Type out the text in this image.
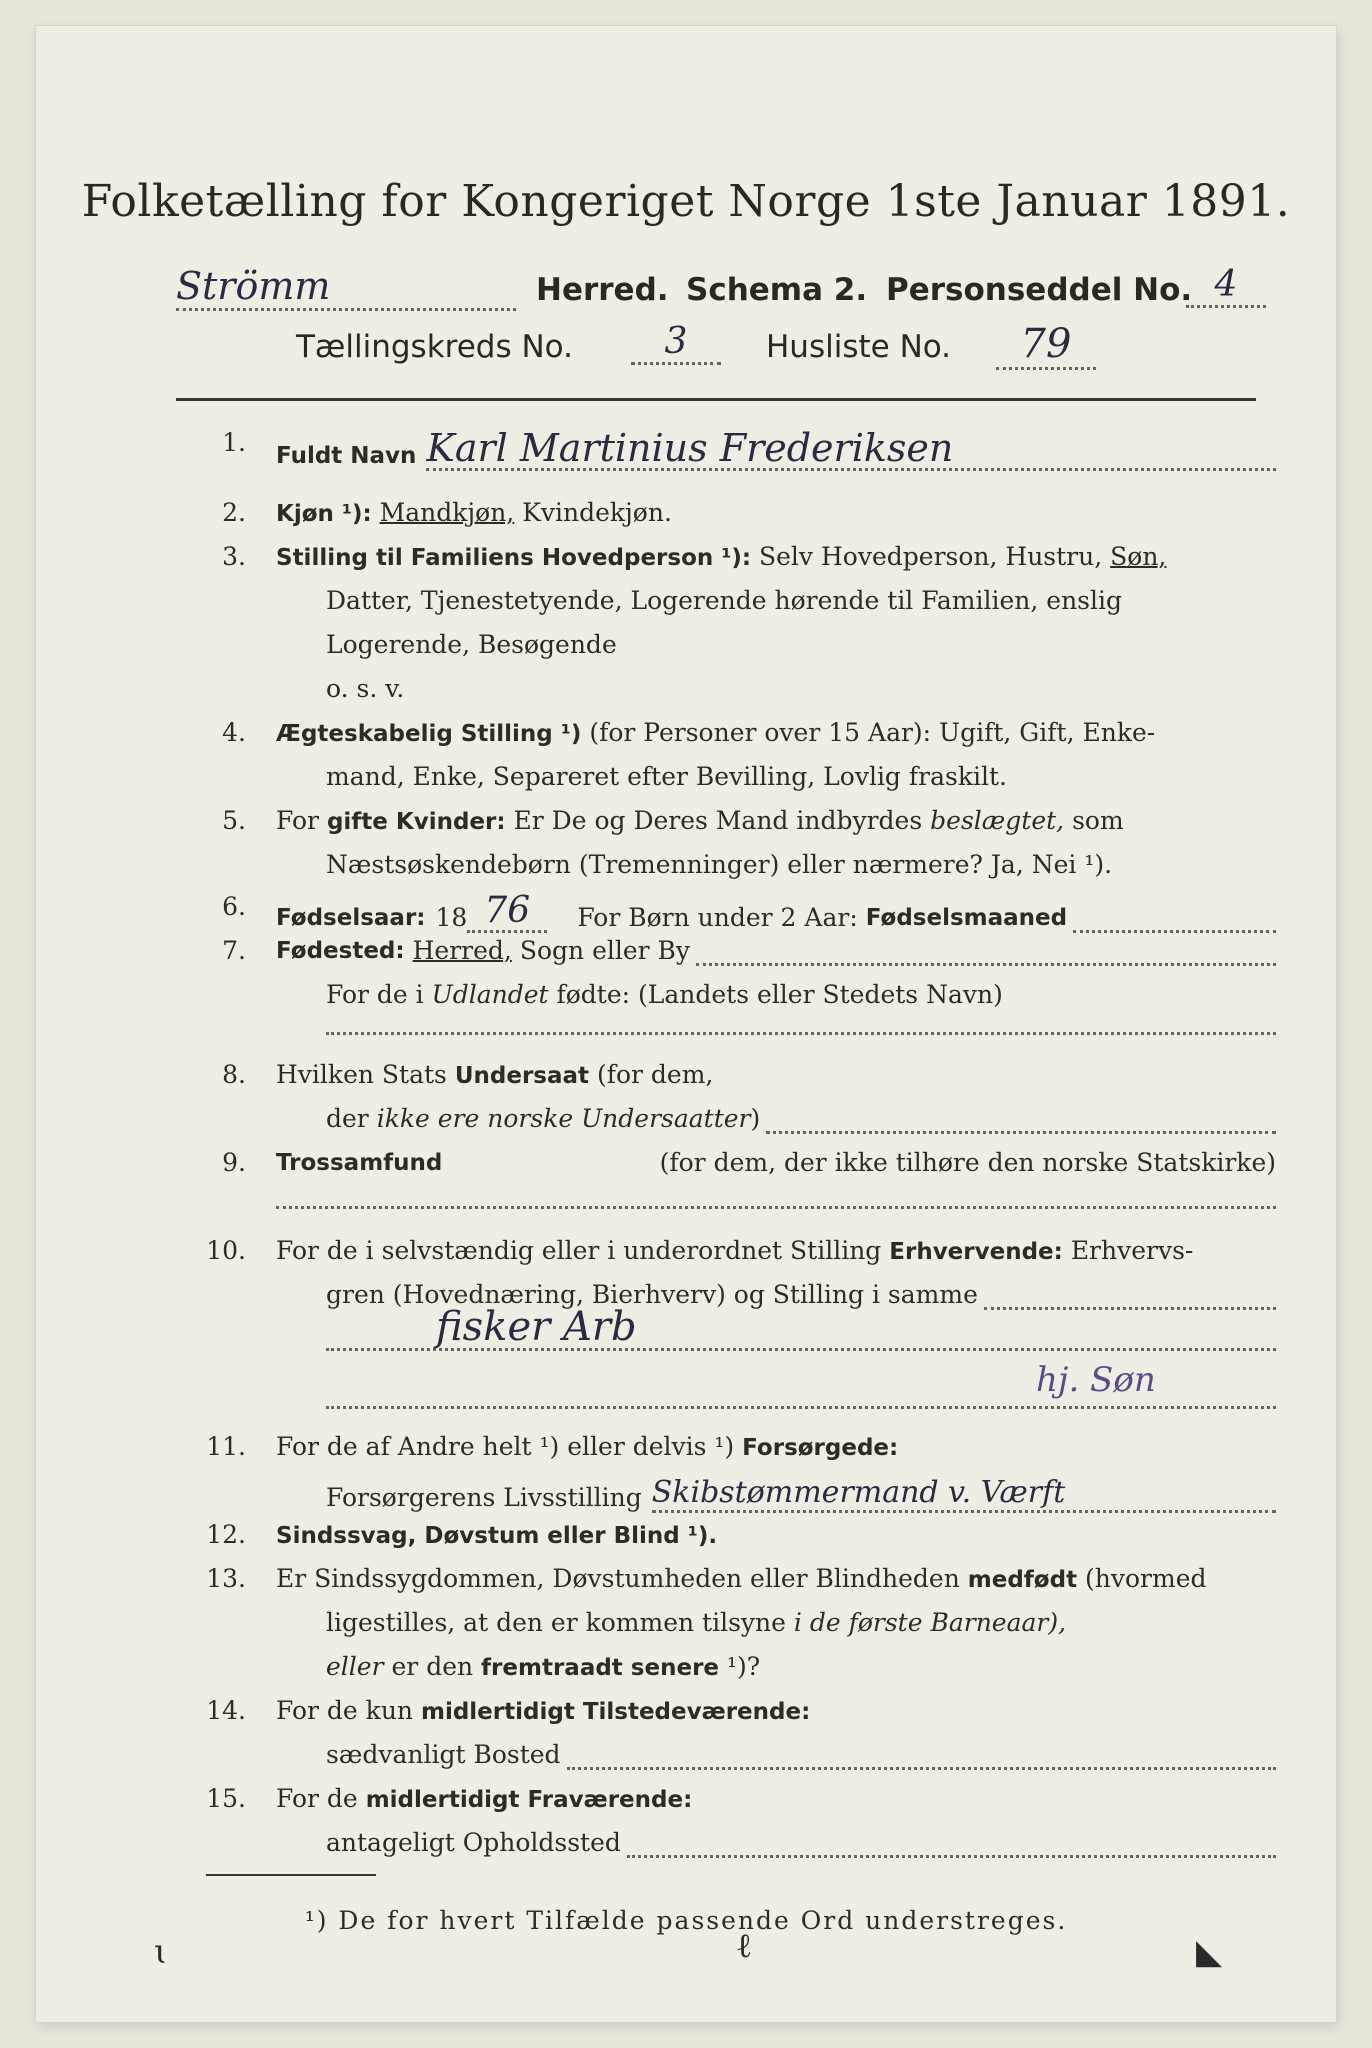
Folketælling for Kongeriget Norge 1ste Januar 1891.
Strömm	Herred. Schema 2. Personseddel No. 4
Tællingskreds No.	3	Husliste No.	79
1. Fuldt Navn Karl Martinius Frederiksen
2. Kjøn ¹): Mandkjøn, Kvindekjøn.
3. Stilling til Familiens Hovedperson ¹): Selv Hovedperson, Hustru, Søn,
Datter, Tjenestetyende, Logerende hørende til Familien, enslig
Logerende, Besøgende
o. s. v.
4. Ægteskabelig Stilling ¹) (for Personer over 15 Aar): Ugift, Gift, Enke-
mand, Enke, Separeret efter Bevilling, Lovlig fraskilt.
5. For gifte Kvinder: Er De og Deres Mand indbyrdes beslægtet, som
Næstsøskendebørn (Tremenninger) eller nærmere? Ja, Nei ¹).
6. Fødselsaar: 18 76	For Børn under 2 Aar: Fødselsmaaned
7. Fødested: Herred, Sogn eller By
For de i Udlandet fødte: (Landets eller Stedets Navn)
8. Hvilken Stats Undersaat (for dem,
der ikke ere norske Undersaatter )
9. Trossamfund	(for dem, der ikke tilhøre den norske Statskirke)
10. For de i selvstændig eller i underordnet Stilling Erhvervende: Erhvervs-
gren (Hovednæring, Bierhverv) og Stilling i samme
fisker Arb
hj. Søn
11. For de af Andre helt ¹) eller delvis ¹) Forsørgede:
Forsørgerens Livsstilling Skibstømmermand v. Værft
12. Sindssvag, Døvstum eller Blind ¹).
13. Er Sindssygdommen, Døvstumheden eller Blindheden medfødt (hvormed
ligestilles, at den er kommen tilsyne i de første Barneaar),
eller er den fremtraadt senere ¹)?
14. For de kun midlertidigt Tilstedeværende:
sædvanligt Bosted
15. For de midlertidigt Fraværende:
antageligt Opholdssted
¹) De for hvert Tilfælde passende Ord understreges.
ɩ	ℓ	◣
